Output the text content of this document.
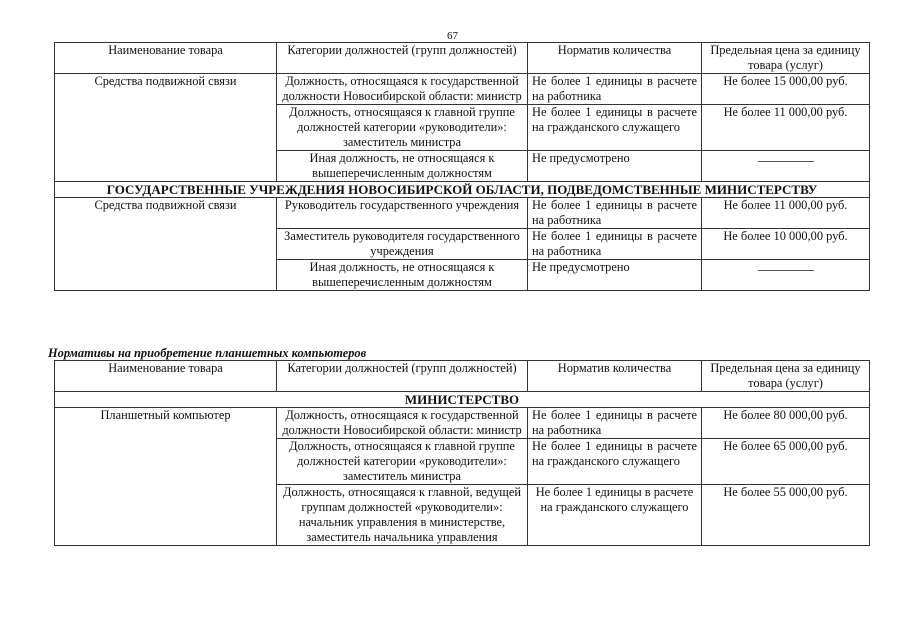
67
Наименование товара	Категории должностей (групп должностей)	Норматив количества	Предельная цена за единицу товара (услуг)
Средства подвижной связи	Должность, относящаяся к государственной должности Новосибирской области: министр	Не более 1 единицы в расчете на работника	Не более 15 000,00 руб.
	Должность, относящаяся к главной группе должностей категории «руководители»: заместитель министра	Не более 1 единицы в расчете на гражданского служащего	Не более 11 000,00 руб.
	Иная должность, не относящаяся к вышеперечисленным должностям	Не предусмотрено	
ГОСУДАРСТВЕННЫЕ УЧРЕЖДЕНИЯ НОВОСИБИРСКОЙ ОБЛАСТИ, ПОДВЕДОМСТВЕННЫЕ МИНИСТЕРСТВУ			
Средства подвижной связи	Руководитель государственного учреждения	Не более 1 единицы в расчете на работника	Не более 11 000,00 руб.
	Заместитель руководителя государственного учреждения	Не более 1 единицы в расчете на работника	Не более 10 000,00 руб.
	Иная должность, не относящаяся к вышеперечисленным должностям	Не предусмотрено	
Нормативы на приобретение планшетных компьютеров
Наименование товара	Категории должностей (групп должностей)	Норматив количества	Предельная цена за единицу товара (услуг)
МИНИСТЕРСТВО			
Планшетный компьютер	Должность, относящаяся к государственной должности Новосибирской области: министр	Не более 1 единицы в расчете на работника	Не более 80 000,00 руб.
	Должность, относящаяся к главной группе должностей категории «руководители»: заместитель министра	Не более 1 единицы в расчете на гражданского служащего	Не более 65 000,00 руб.
	Должность, относящаяся к главной, ведущей группам должностей «руководители»: начальник управления в министерстве, заместитель начальника управления	Не более 1 единицы в расчете на гражданского служащего	Не более 55 000,00 руб.
